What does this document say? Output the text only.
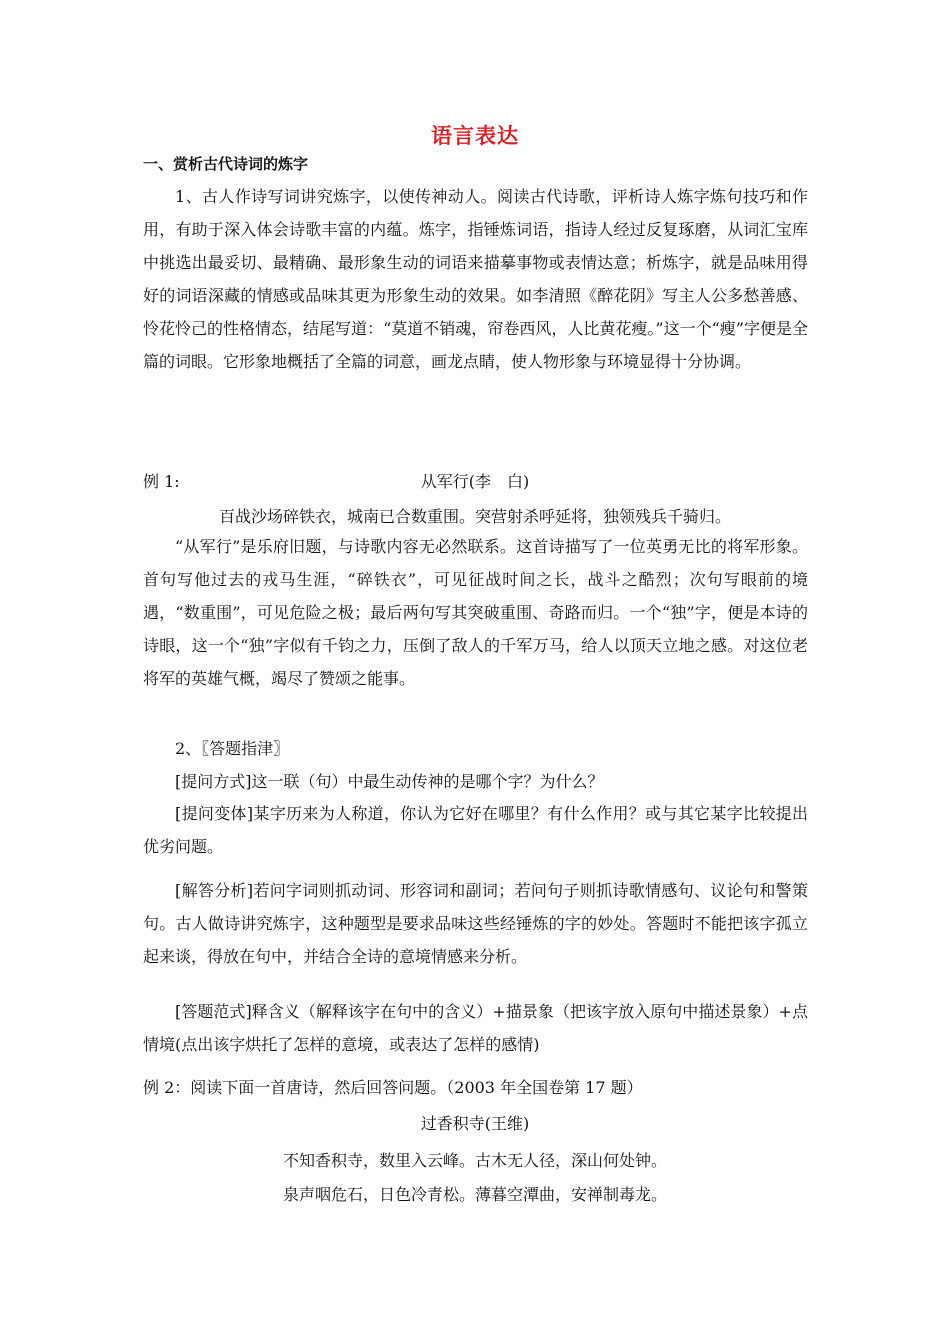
语言表达
一、赏析古代诗词的炼字
1、古人作诗写词讲究炼字，以使传神动人。阅读古代诗歌，评析诗人炼字炼句技巧和作用，有助于深入体会诗歌丰富的内蕴。炼字，指锤炼词语，指诗人经过反复琢磨，从词汇宝库中挑选出最妥切、最精确、最形象生动的词语来描摹事物或表情达意；析炼字，就是品味用得好的词语深藏的情感或品味其更为形象生动的效果。如李清照《醉花阴》写主人公多愁善感、怜花怜己的性格情态，结尾写道：“莫道不销魂，帘卷西风，人比黄花瘦。”这一个“瘦”字便是全篇的词眼。它形象地概括了全篇的词意，画龙点睛，使人物形象与环境显得十分协调。
例 1:	从军行(李　白)
百战沙场碎铁衣，城南已合数重围。突营射杀呼延将，独领残兵千骑归。
“从军行”是乐府旧题，与诗歌内容无必然联系。这首诗描写了一位英勇无比的将军形象。首句写他过去的戎马生涯，“碎铁衣”，可见征战时间之长，战斗之酷烈；次句写眼前的境遇，“数重围”，可见危险之极；最后两句写其突破重围、奇路而归。一个“独”字，便是本诗的诗眼，这一个“独”字似有千钧之力，压倒了敌人的千军万马，给人以顶天立地之感。对这位老将军的英雄气概，竭尽了赞颂之能事。
2、〖答题指津〗
[提问方式]这一联（句）中最生动传神的是哪个字？为什么？
[提问变体]某字历来为人称道，你认为它好在哪里？有什么作用？或与其它某字比较提出优劣问题。
[解答分析]若问字词则抓动词、形容词和副词；若问句子则抓诗歌情感句、议论句和警策句。古人做诗讲究炼字，这种题型是要求品味这些经锤炼的字的妙处。答题时不能把该字孤立起来谈，得放在句中，并结合全诗的意境情感来分析。
[答题范式]释含义（解释该字在句中的含义）+描景象（把该字放入原句中描述景象）+点情境(点出该字烘托了怎样的意境，或表达了怎样的感情)
例 2：阅读下面一首唐诗，然后回答问题。（2003 年全国卷第 17 题）
过香积寺(王维)
不知香积寺，数里入云峰。古木无人径，深山何处钟。
泉声咽危石，日色冷青松。薄暮空潭曲，安禅制毒龙。
